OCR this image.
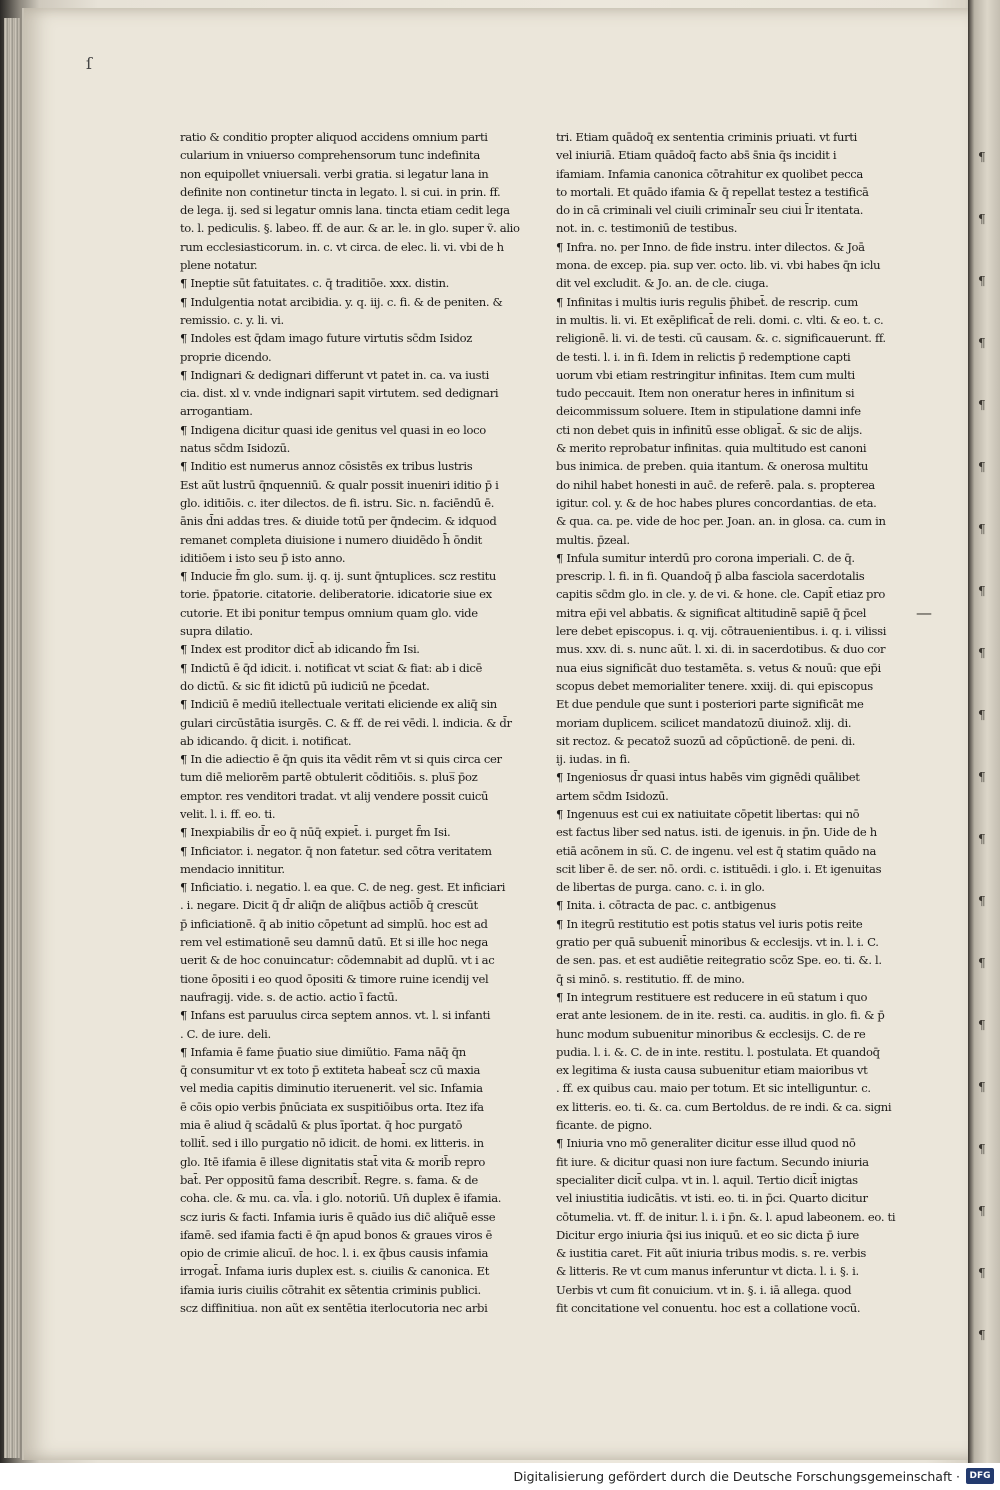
ſ
¶
¶
¶
¶
¶
¶
¶
¶
¶
¶
¶
¶
¶
¶
¶
¶
¶
¶
¶
¶
—
ratio & conditio propter aliquod accidens omnium parti
cularium in vniuerso comprehensorum tunc indefinita
non equipollet vniuersali. verbi gratia. si legatur lana in
definite non continetur tincta in legato. l. si cui. in prin. ff.
de lega. ij. sed si legatur omnis lana. tincta etiam cedit lega
to. l. pediculis. §. labeo. ff. de aur. & ar. le. in glo. super ṽ. alio
rum ecclesiasticorum. in. c. vt circa. de elec. li. vi. vbi de h
plene notatur.
¶ Ineptie sūt fatuitates. c. q̄ traditiōe. xxx. distin.
¶ Indulgentia notat arcibidia. y. q. iij. c. fi. & de peniten. &
remissio. c. y. li. vi.
¶ Indoles est q̄dam imago future virtutis sc̄dm Isidoz
proprie dicendo.
¶ Indignari & dedignari differunt vt patet in. ca. va iusti
cia. dist. xl v. vnde indignari sapit virtutem. sed dedignari
arrogantiam.
¶ Indigena dicitur quasi ide genitus vel quasi in eo loco
natus sc̄dm Isidozū.
¶ Inditio est numerus annoz cōsistēs ex tribus lustris
Est aũt lustrū q̄nquenniū. & qualr possit inueniri iditio p̄ i
glo. iditiōis. c. iter dilectos. de fi. istru. Sic. n. faciēndū ē.
ānis d̄ni addas tres. & diuide totū per q̄ndecim. & idquod
remanet completa diuisione i numero diuidēdo h̄ ōndit
iditiōem i isto seu p̄ isto anno.
¶ Inducie f̄m glo. sum. ij. q. ij. sunt q̄ntuplices. scz restitu
torie. p̄patorie. citatorie. deliberatorie. idicatorie siue ex
cutorie. Et ibi ponitur tempus omnium quam glo. vide
supra dilatio.
¶ Index est proditor dict̄ ab idicando f̄m Isi.
¶ Indictū ē q̄d idicit. i. notificat vt sciat & fiat: ab i dicē
do dictū. & sic fit idictū pū iudiciū ne p̄cedat.
¶ Indiciū ē mediū itellectuale veritati eliciende ex aliq̄ sin
gulari circūstātia isurgēs. C. & ff. de rei vēdi. l. indicia. & d̄r
ab idicando. q̄ dicit. i. notificat.
¶ In die adiectio ē q̄n quis ita vēdit rēm vt si quis circa cer
tum diē meliorēm partē obtulerit cōditiōis. s. plus̅ p̄oz
emptor. res venditori tradat. vt alij vendere possit cuicū
velit. l. i. ff. eo. ti.
¶ Inexpiabilis d̄r eo q̄ nūq̄ expiet̄. i. purget f̄m Isi.
¶ Inficiator. i. negator. q̄ non fatetur. sed cōtra veritatem
mendacio innititur.
¶ Inficiatio. i. negatio. l. ea que. C. de neg. gest. Et inficiari
. i. negare. Dicit q̄ d̄r aliq̄n de aliq̄bus actiōb̄ q̄ crescūt
p̄ inficiationē. q̄ ab initio cōpetunt ad simplū. hoc est ad
rem vel estimationē seu damnū datū. Et si ille hoc nega
uerit & de hoc conuincatur: cōdemnabit ad duplū. vt i ac
tione ōpositi i eo quod ōpositi & timore ruine icendij vel
naufragij. vide. s. de actio. actio ī factū.
¶ Infans est paruulus circa septem annos. vt. l. si infanti
. C. de iure. deli.
¶ Infamia ē fame p̄uatio siue dimiũtio. Fama nāq̄ q̄n
q̄ consumitur vt ex toto p̄ extiteta habeat̄ scz cū maxia
vel media capitis diminutio iteruenerit. vel sic. Infamia
ē cōis opio verbis p̄nūciata ex suspitiōibus orta. Itez ifa
mia ē aliud q̄ scādalū & plus īportat. q̄ hoc purgatō
tollit̄. sed i illo purgatio nō idicit. de homi. ex litteris. in
glo. Itē ifamia ē illese dignitatis stat̄ vita & morib̄ repro
bat̄. Per oppositū fama describit̄. Regre. s. fama. & de
coha. cle. & mu. ca. vl̄a. i glo. notoriū. Un̄ duplex ē ifamia.
scz iuris & facti. Infamia iuris ē quādo ius dic̄ aliq̄uē esse
ifamē. sed ifamia facti ē q̄n apud bonos & graues viros ē
opio de crimie alicuī. de hoc. l. i. ex q̄bus causis infamia
irrogat̄. Infama iuris duplex est. s. ciuilis & canonica. Et
ifamia iuris ciuilis cōtrahit ex sētentia criminis publici.
scz diffinitiua. non aũt ex sentētia iterlocutoria nec arbi
tri. Etiam quādoq̄ ex sententia criminis priuati. vt furti
vel iniuriā. Etiam quādoq̄ facto abs̄ s̄nia q̄s incidit i
ifamiam. Infamia canonica cōtrahitur ex quolibet pecca
to mortali. Et quādo ifamia & q̄ repellat testez a testificā
do in cā criminali vel ciuili criminal̄r seu ciui l̄r itentata.
not. in. c. testimoniū de testibus.
¶ Infra. no. per Inno. de fide instru. inter dilectos. & Joā
mona. de excep. pia. sup ver. octo. lib. vi. vbi habes q̄n iclu
dit vel excludit. & Jo. an. de cle. ciuga.
¶ Infinitas i multis iuris regulis p̄hibet̄. de rescrip. cum
in multis. li. vi. Et exēplificat̄ de reli. domi. c. vlti. & eo. t. c.
religionē. li. vi. de testi. cū causam. &. c. significauerunt. ff.
de testi. l. i. in fi. Idem in relictis p̄ redemptione capti
uorum vbi etiam restringitur infinitas. Item cum multi
tudo peccauit. Item non oneratur heres in infinitum si
deicommissum soluere. Item in stipulatione damni infe
cti non debet quis in infinitū esse obligat̄. & sic de alijs.
& merito reprobatur infinitas. quia multitudo est canoni
bus inimica. de preben. quia itantum. & onerosa multitu
do nihil habet honesti in auc̄. de referē. pala. s. propterea
igitur. col. y. & de hoc habes plures concordantias. de eta.
& qua. ca. pe. vide de hoc per. Joan. an. in glosa. ca. cum in
multis. p̄zeal.
¶ Infula sumitur interdū pro corona imperiali. C. de q̄.
prescrip. l. fi. in fi. Quandoq̄ p̄ alba fasciola sacerdotalis
capitis sc̄dm glo. in cle. y. de vi. & hone. cle. Capit̄ etiaz pro
mitra ep̄i vel abbatis. & significat altitudinē sapiē q̄ p̄cel
lere debet episcopus. i. q. vij. cōtrauenientibus. i. q. i. vilissi
mus. xxv. di. s. nunc aũt. l. xi. di. in sacerdotibus. & duo cor
nua eius significāt duo testamēta. s. vetus & nouū: que ep̄i
scopus debet memorialiter tenere. xxiij. di. qui episcopus
Et due pendule que sunt i posteriori parte significāt me
moriam duplicem. scilicet mandatozū diuinoz̄. xlij. di.
sit rectoz. & pecatoz̄ suozū ad cōpūctionē. de peni. di.
ij. iudas. in fi.
¶ Ingeniosus d̄r quasi intus habēs vim gignēdi quālibet
artem sc̄dm Isidozū.
¶ Ingenuus est cui ex natiuitate cōpetit libertas: qui nō
est factus liber sed natus. isti. de igenuis. in p̄n. Uide de h
etiā acōnem in sũ. C. de ingenu. vel est q̄ statim quādo na
scit liber ē. de ser. nō. ordi. c. istituēdi. i glo. i. Et igenuitas
de libertas de purga. cano. c. i. in glo.
¶ Inita. i. cōtracta de pac. c. antbigenus
¶ In itegrū restitutio est potis status vel iuris potis reite
gratio per quā subuenit̄ minoribus & ecclesijs. vt in. l. i. C.
de sen. pas. et est audiētie reitegratio scōz Spe. eo. ti. &. l.
q̄ si minō. s. restitutio. ff. de mino.
¶ In integrum restituere est reducere in eū statum i quo
erat ante lesionem. de in ite. resti. ca. auditis. in glo. fi. & p̄
hunc modum subuenitur minoribus & ecclesijs. C. de re
pudia. l. i. &. C. de in inte. restitu. l. postulata. Et quandoq̄
ex legitima & iusta causa subuenitur etiam maioribus vt
. ff. ex quibus cau. maio per totum. Et sic intelliguntur. c.
ex litteris. eo. ti. &. ca. cum Bertoldus. de re indi. & ca. signi
ficante. de pigno.
¶ Iniuria vno mō generaliter dicitur esse illud quod nō
fit iure. & dicitur quasi non iure factum. Secundo iniuria
specialiter dicit̄ culpa. vt in. l. aquil. Tertio dicit̄ inigtas
vel iniustitia iudicātis. vt isti. eo. ti. in p̄ci. Quarto dicitur
cōtumelia. vt. ff. de initur. l. i. i p̄n. &. l. apud labeonem. eo. ti
Dicitur ergo iniuria q̄si ius iniquū. et eo sic dicta p̄ iure
& iustitia caret. Fit aũt iniuria tribus modis. s. re. verbis
& litteris. Re vt cum manus inferuntur vt dicta. l. i. §. i.
Uerbis vt cum fit conuicium. vt in. §. i. iā allega. quod
fit concitatione vel conuentu. hoc est a collatione vocū.
Digitalisierung gefördert durch die Deutsche Forschungsgemeinschaft ·	DFG
